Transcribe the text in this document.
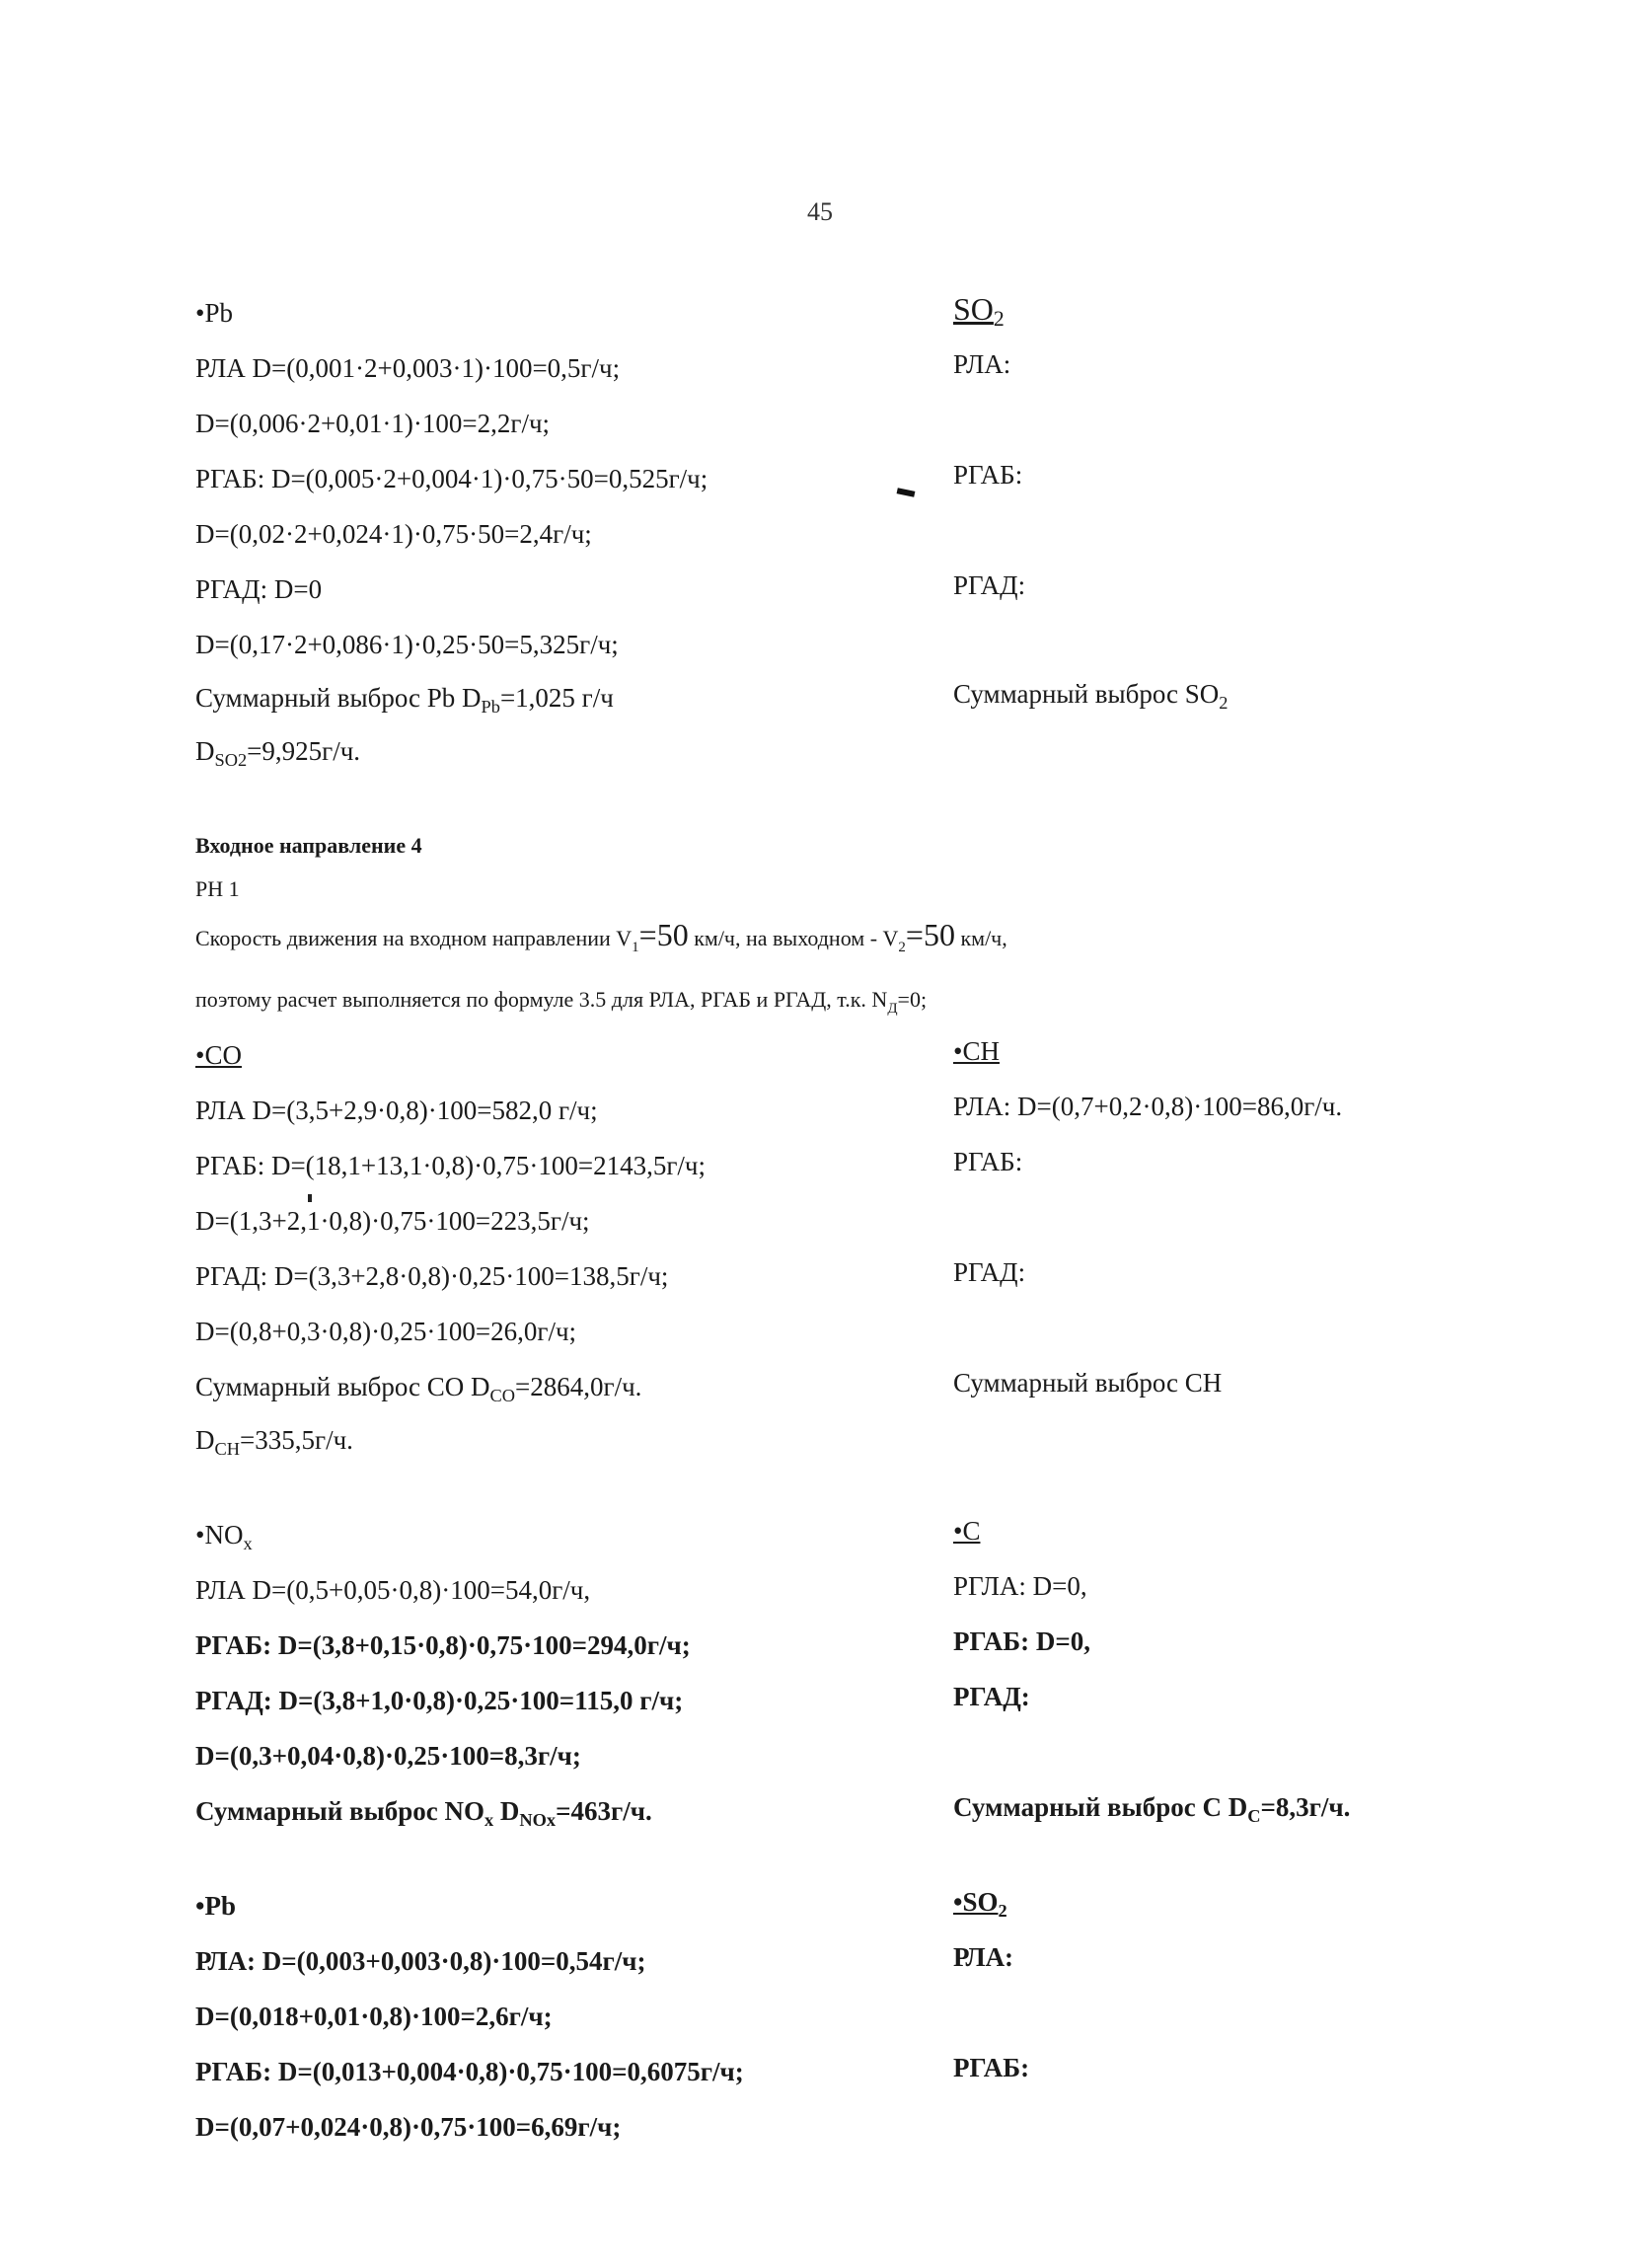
45
•Pb	$SO_2$
РЛА D=(0,001·2+0,003·1)·100=0,5г/ч;	РЛА:
D=(0,006·2+0,01·1)·100=2,2г/ч;
РГАБ: D=(0,005·2+0,004·1)·0,75·50=0,525г/ч;	РГАБ:
D=(0,02·2+0,024·1)·0,75·50=2,4г/ч;
РГАД: D=0	РГАД:
D=(0,17·2+0,086·1)·0,25·50=5,325г/ч;
Суммарный выброс Pb $D_{Pb}=1,025$ г/ч	Суммарный выброс $SO_2$
$D_{SO2}=9,925г/ч$.
Входное направление 4
РН 1
Скорость движения на входном направлении $V_1=50$ км/ч, на выходном - $V_2=50$ км/ч,
поэтому расчет выполняется по формуле 3.5 для РЛА, РГАБ и РГАД, т.к. $N_Д=0$;
•CO	•CH
РЛА D=(3,5+2,9·0,8)·100=582,0 г/ч;	РЛА: D=(0,7+0,2·0,8)·100=86,0г/ч.
РГАБ: D=(18,1+13,1·0,8)·0,75·100=2143,5г/ч;	РГАБ:
D=(1,3+2,1·0,8)·0,75·100=223,5г/ч;
РГАД: D=(3,3+2,8·0,8)·0,25·100=138,5г/ч;	РГАД:
D=(0,8+0,3·0,8)·0,25·100=26,0г/ч;
Суммарный выброс CO $D_{CO}=2864,0г/ч$.	Суммарный выброс CH
$D_{CH}=335,5г/ч$.
$•NO_x$	•C
РЛА D=(0,5+0,05·0,8)·100=54,0г/ч,	РГЛА: D=0,
РГАБ: D=(3,8+0,15·0,8)·0,75·100=294,0г/ч;	РГАБ: D=0,
РГАД: D=(3,8+1,0·0,8)·0,25·100=115,0 г/ч;	РГАД:
D=(0,3+0,04·0,8)·0,25·100=8,3г/ч;
Суммарный выброс $NO_x$ $D_{NOx}=463г/ч$.	Суммарный выброс C $D_C=8,3г/ч$.
•Pb	$•SO_2$
РЛА: D=(0,003+0,003·0,8)·100=0,54г/ч;	РЛА:
D=(0,018+0,01·0,8)·100=2,6г/ч;
РГАБ: D=(0,013+0,004·0,8)·0,75·100=0,6075г/ч;	РГАБ:
D=(0,07+0,024·0,8)·0,75·100=6,69г/ч;
